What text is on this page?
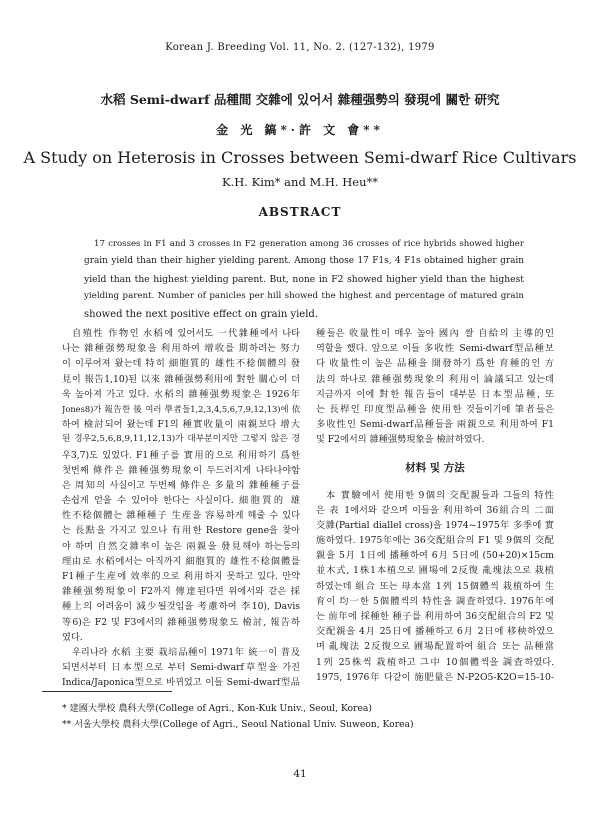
Korean J. Breeding Vol. 11, No. 2. (127-132), 1979
水稻 Semi-dwarf 品種間 交雜에 있어서 雜種强勢의 發現에 關한 研究
金 光 鎬*·許 文 會**
A Study on Heterosis in Crosses between Semi-dwarf Rice Cultivars
K.H. Kim* and M.H. Heu**
ABSTRACT
17 crosses in F1 and 3 crosses in F2 generation among 36 crosses of rice hybrids showed higher
grain yield than their higher yielding parent. Among those 17 F1s, 4 F1s obtained higher grain
yield than the highest yielding parent. But, none in F2 showed higher yield than the highest
yielding parent. Number of panicles per hill showed the highest and percentage of matured grain
showed the next positive effect on grain yield.
自殖性 作物인 水稻에 있어서도 一代雜種에서 나타
나는 雜種强勢現象을 利用하여 增收를 期하려는 努力
이 이루어져 왔는데 特히 細胞質的 雄性不稔個體의 發
見이 報告1,10)된 以來 雜種强勢利用에 對한 關心이 더
욱 높아져 가고 있다. 水稻의 雜種强勢現象은 1926年
Jones8)가 報告한 後 여러 學者들1,2,3,4,5,6,7,9,12,13)에 依
하여 檢討되어 왔는데 F1의 種實收量이 兩親보다 增大
된 경우2,5,6,8,9,11,12,13)가 대부분이지만 그렇지 않은 경
우3,7)도 있었다. F1種子를 實用的으로 利用하기 爲한
첫번째 條件은 雜種强勢現象이 두드러지게 나타나야함
은 周知의 사실이고 두번째 條件은 多量의 雜種種子를
손쉽게 얻을 수 있어야 한다는 사실이다. 細胞質的 雄
性不稔個體는 雜種種子 生産을 容易하게 해줄 수 있다
는 長點을 가지고 있으나 有用한 Restore gene을 찾아
야 하며 自然交雜率이 높은 兩親을 發見해야 하는등의
理由로 水稻에서는 아직까지 細胞質的 雄性不稔個體를
F1種子生産에 效率的으로 利用하지 못하고 있다. 만약
雜種强勢現象이 F2까지 傳達된다면 위에서와 같은 採
種上의 어려움이 減少될것임을 考慮하여 李10), Davis
等6)은 F2 및 F3에서의 雜種强勢現象도 檢討, 報告하
였다.
우리나라 水稻 主要 栽培品種이 1971年 統一이 普及
되면서부터 日本型으로 부터 Semi-dwarf草型을 가진
Indica/Japonica型으로 바뀌었고 이들 Semi-dwarf型品
種들은 收量性이 매우 높아 國內 쌀 自給의 主導的인
역할을 했다. 앞으로 이들 多收性 Semi-dwarf型品種보
다 收量性이 높은 品種을 開發하기 爲한 育種的인 方
法의 하나로 雜種强勢現象의 利用이 論議되고 있는데
지금까지 이에 對한 報告들이 대부분 日本型品種, 또
는 長桿인 印度型品種을 使用한 것들이기에 筆者들은
多收性인 Semi-dwarf品種들을 兩親으로 利用하여 F1
및 F2에서의 雜種强勢現象을 檢討하였다.
材料 및 方法
本 實驗에서 使用한 9個의 交配親들과 그들의 特性
은 表 1에서와 같으며 이들을 利用하여 36組合의 二面
交雜(Partial diallel cross)을 1974~1975年 多季에 實
施하였다. 1975年에는 36交配組合의 F1 및 9個의 交配
親을 5月 1日에 播種하여 6月 5日에 (50+20)×15cm
並木式, 1株1本植으로 圃場에 2反復 亂塊法으로 栽植
하였는데 組合 또는 母本當 1列 15個體씩 栽植하여 生
育이 均一한 5個體씩의 特性을 調査하였다. 1976年에
는 前年에 採種한 種子를 利用하여 36交配組合의 F2 및
交配親을 4月 25日에 播種하고 6月 2日에 移秧하였으
며 亂塊法 2反復으로 圃場配置하여 組合 또는 品種當
1列 25株씩 栽植하고 그中 10個體씩을 調査하였다.
1975, 1976年 다같이 施肥量은 N-P2O5-K2O=15-10-
* 建國大學校 農科大學(College of Agri., Kon-Kuk Univ., Seoul, Korea)
** 서울大學校 農科大學(College of Agri., Seoul National Univ. Suweon, Korea)
41
